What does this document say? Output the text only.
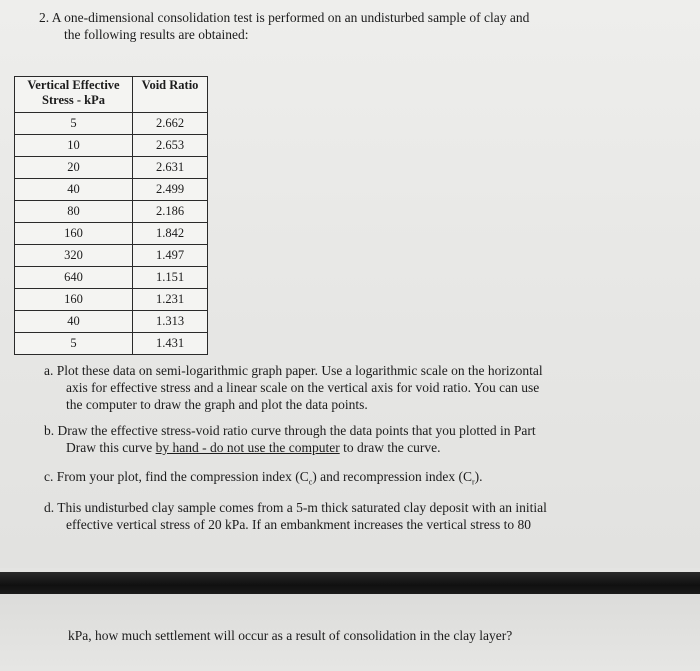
2. A one-dimensional consolidation test is performed on an undisturbed sample of clay and
the following results are obtained:

Vertical Effective Stress - kPa	Void Ratio
5	2.662
10	2.653
20	2.631
40	2.499
80	2.186
160	1.842
320	1.497
640	1.151
160	1.231
40	1.313
5	1.431
a. Plot these data on semi-logarithmic graph paper. Use a logarithmic scale on the horizontal
axis for effective stress and a linear scale on the vertical axis for void ratio. You can use
the computer to draw the graph and plot the data points.
b. Draw the effective stress-void ratio curve through the data points that you plotted in Part
Draw this curve by hand - do not use the computer to draw the curve.
c. From your plot, find the compression index $(C_c)$ and recompression index $(C_r)$.
d. This undisturbed clay sample comes from a 5-m thick saturated clay deposit with an initial
effective vertical stress of 20 kPa. If an embankment increases the vertical stress to 80
kPa, how much settlement will occur as a result of consolidation in the clay layer?
